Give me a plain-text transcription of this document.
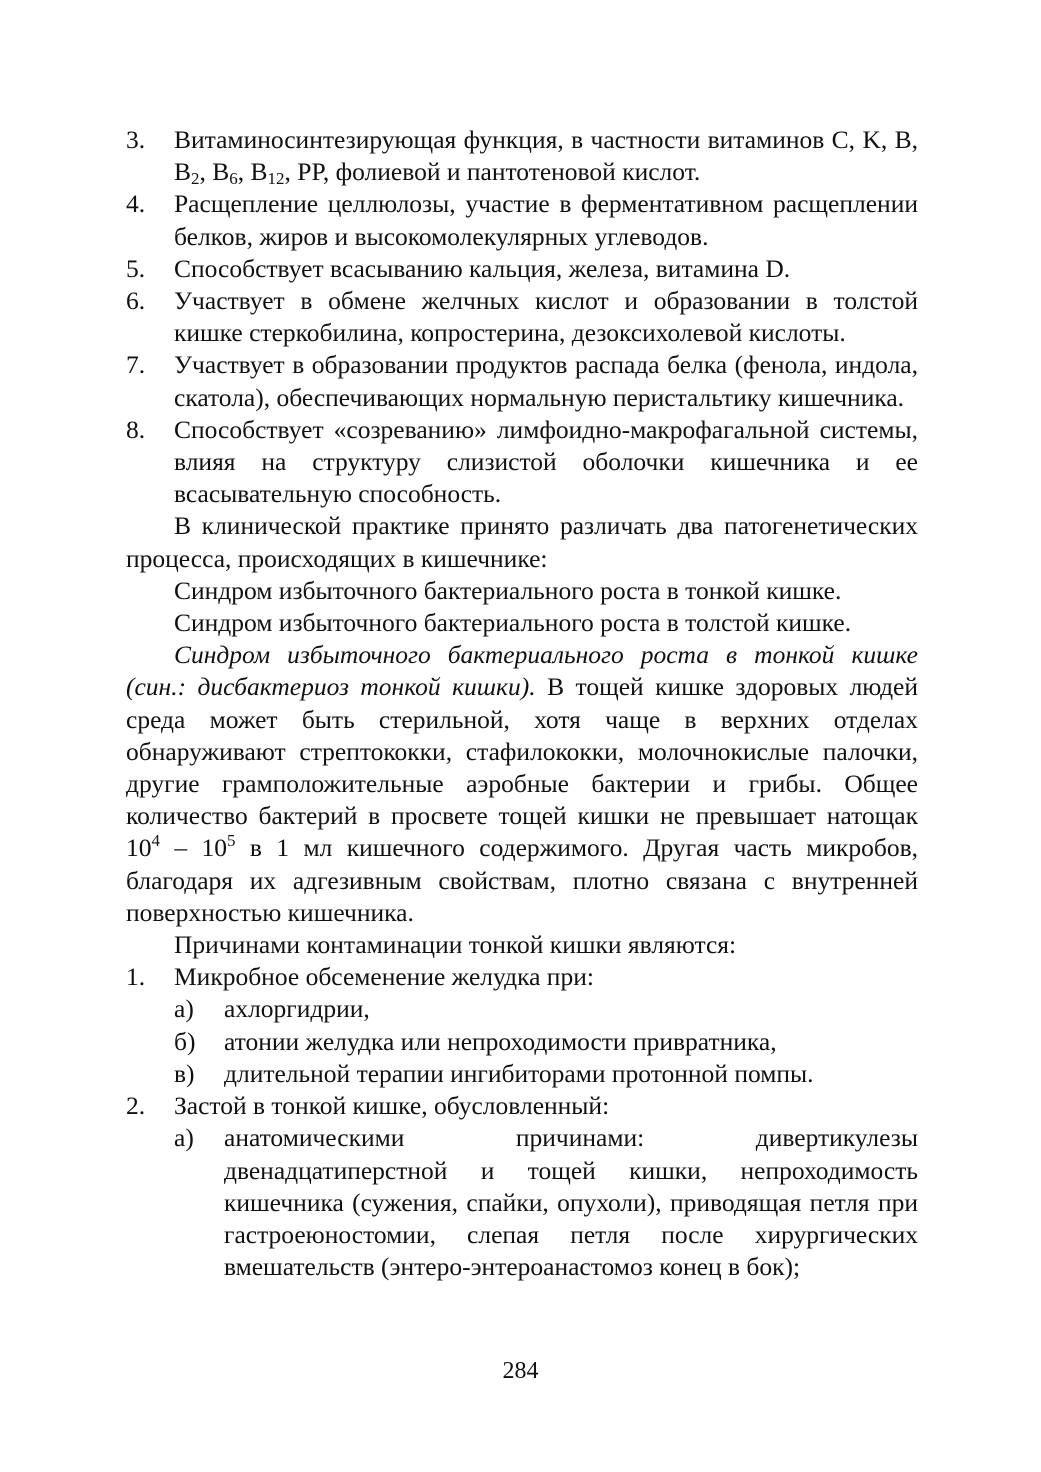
3.	Витаминосинтезирующая функция, в частности витаминов C, K, B, $B_2$, $B_6$, $B_{12}$, PP, фолиевой и пантотеновой кислот.
4.	Расщепление целлюлозы, участие в ферментативном расщеплении белков, жиров и высокомолекулярных углеводов.
5.	Способствует всасыванию кальция, железа, витамина D.
6.	Участвует в обмене желчных кислот и образовании в толстой кишке стеркобилина, копростерина, дезоксихолевой кислоты.
7.	Участвует в образовании продуктов распада белка (фенола, индола, скатола), обеспечивающих нормальную перистальтику кишечника.
8.	Способствует «созреванию» лимфоидно-макрофагальной системы, влияя на структуру слизистой оболочки кишечника и ее всасывательную способность.

В клинической практике принято различать два патогенетических процесса, происходящих в кишечнике:

Синдром избыточного бактериального роста в тонкой кишке.
Синдром избыточного бактериального роста в толстой кишке.

Синдром избыточного бактериального роста в тонкой кишке (син.: дисбактериоз тонкой кишки). В тощей кишке здоровых людей среда может быть стерильной, хотя чаще в верхних отделах обнаруживают стрептококки, стафилококки, молочнокислые палочки, другие грамположительные аэробные бактерии и грибы. Общее количество бактерий в просвете тощей кишки не превышает натощак $10^4 - 10^5$ в 1 мл кишечного содержимого. Другая часть микробов, благодаря их адгезивным свойствам, плотно связана с внутренней поверхностью кишечника.

Причинами контаминации тонкой кишки являются:
1.	Микробное обсеменение желудка при:
а)	ахлоргидрии,
б)	атонии желудка или непроходимости привратника,
в)	длительной терапии ингибиторами протонной помпы.
2.	Застой в тонкой кишке, обусловленный:
а)	анатомическими причинами: дивертикулезы двенадцатиперстной и тощей кишки, непроходимость кишечника (сужения, спайки, опухоли), приводящая петля при гастроеюностомии, слепая петля после хирургических вмешательств (энтеро-энтероанастомоз конец в бок);
284
